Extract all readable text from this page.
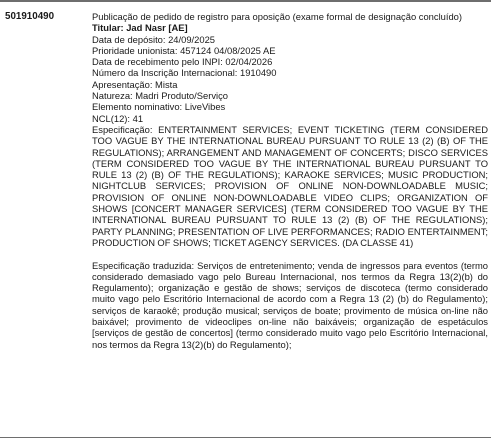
501910490	Publicação de pedido de registro para oposição (exame formal de designação concluído)
Titular: Jad Nasr [AE]
Data de depósito: 24/09/2025
Prioridade unionista: 457124 04/08/2025 AE
Data de recebimento pelo INPI: 02/04/2026
Número da Inscrição Internacional: 1910490
Apresentação: Mista
Natureza: Madri Produto/Serviço
Elemento nominativo: LiveVibes
NCL(12): 41
Especificação: ENTERTAINMENT SERVICES; EVENT TICKETING (TERM CONSIDERED TOO VAGUE BY THE INTERNATIONAL BUREAU PURSUANT TO RULE 13 (2) (B) OF THE REGULATIONS); ARRANGEMENT AND MANAGEMENT OF CONCERTS; DISCO SERVICES (TERM CONSIDERED TOO VAGUE BY THE INTERNATIONAL BUREAU PURSUANT TO RULE 13 (2) (B) OF THE REGULATIONS); KARAOKE SERVICES; MUSIC PRODUCTION; NIGHTCLUB SERVICES; PROVISION OF ONLINE NON-DOWNLOADABLE MUSIC; PROVISION OF ONLINE NON-DOWNLOADABLE VIDEO CLIPS; ORGANIZATION OF SHOWS [CONCERT MANAGER SERVICES] (TERM CONSIDERED TOO VAGUE BY THE INTERNATIONAL BUREAU PURSUANT TO RULE 13 (2) (B) OF THE REGULATIONS); PARTY PLANNING; PRESENTATION OF LIVE PERFORMANCES; RADIO ENTERTAINMENT; PRODUCTION OF SHOWS; TICKET AGENCY SERVICES. (DA CLASSE 41)
Especificação traduzida: Serviços de entretenimento; venda de ingressos para eventos (termo considerado demasiado vago pelo Bureau Internacional, nos termos da Regra 13(2)(b) do Regulamento); organização e gestão de shows; serviços de discoteca (termo considerado muito vago pelo Escritório Internacional de acordo com a Regra 13 (2) (b) do Regulamento); serviços de karaokê; produção musical; serviços de boate; provimento de música on-line não baixável; provimento de videoclipes on-line não baixáveis; organização de espetáculos [serviços de gestão de concertos] (termo considerado muito vago pelo Escritório Internacional, nos termos da Regra 13(2)(b) do Regulamento);
